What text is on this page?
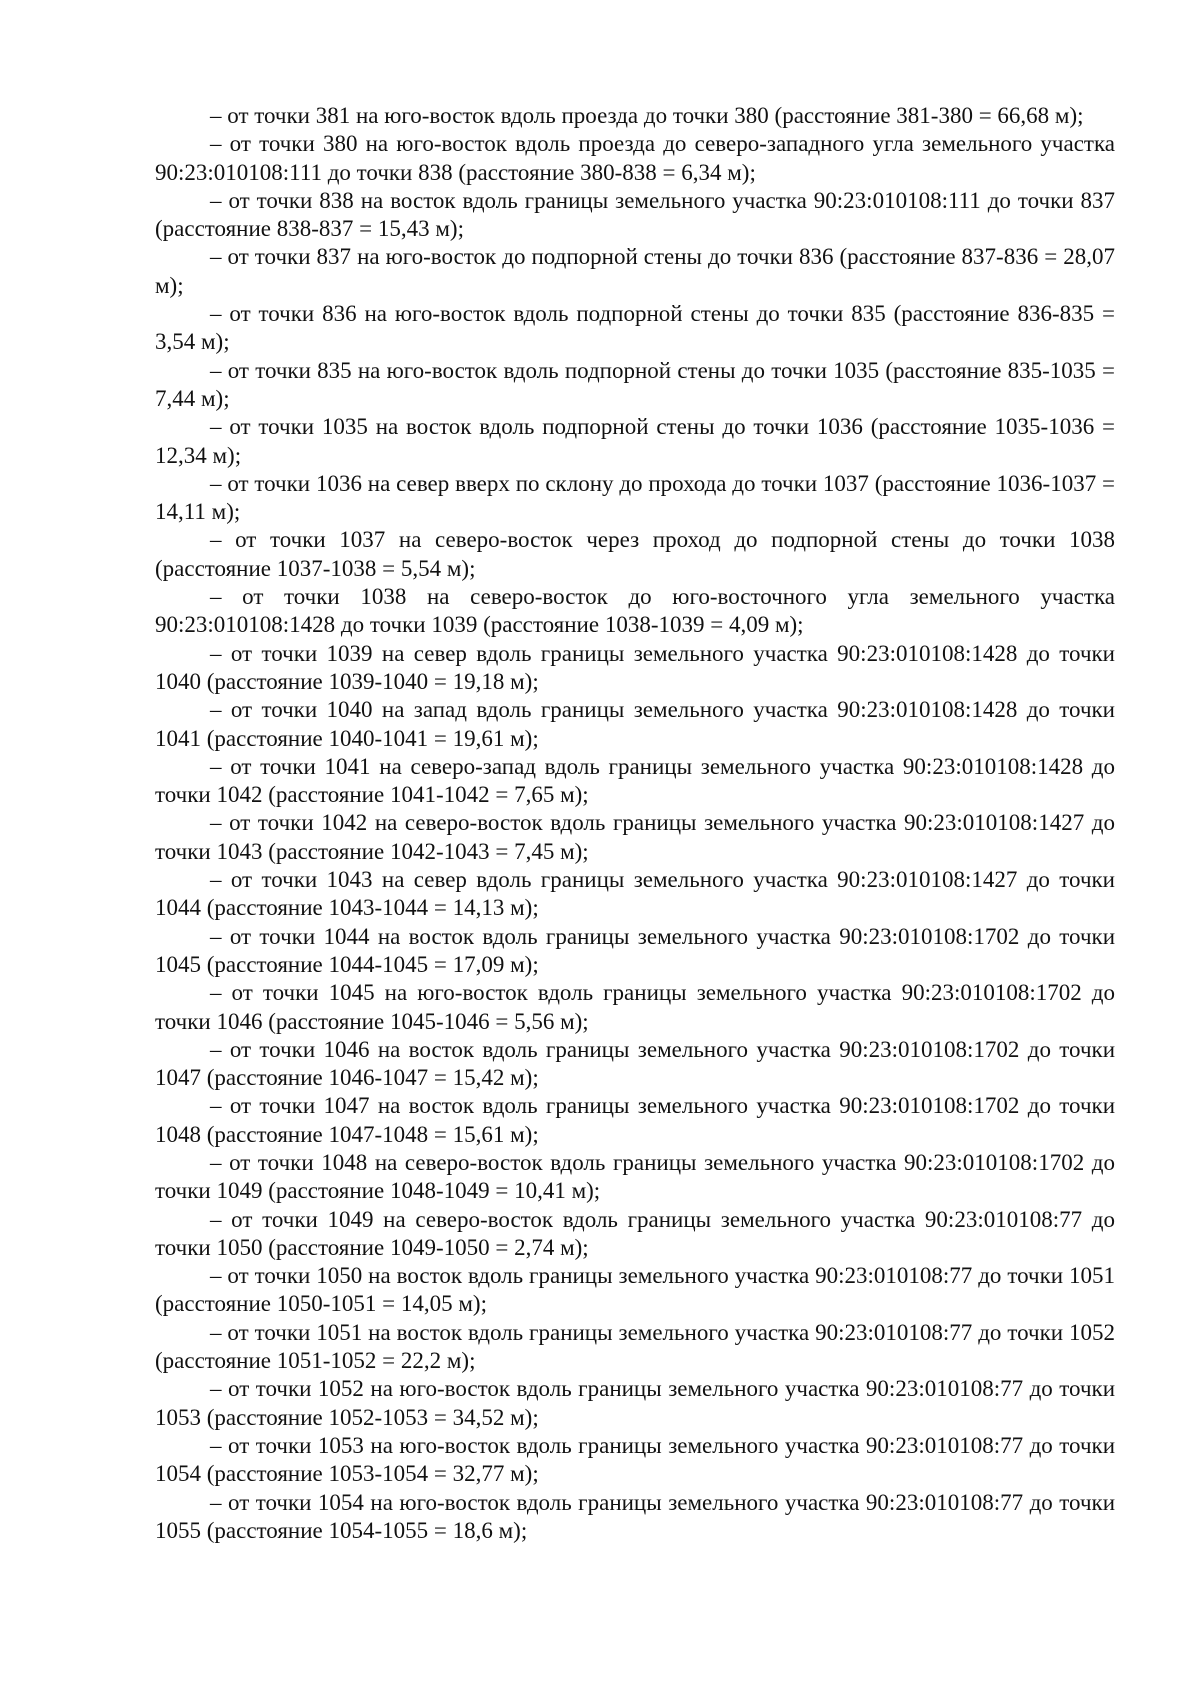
– от точки 381 на юго-восток вдоль проезда до точки 380 (расстояние 381-380 = 66,68 м);

– от точки 380 на юго-восток вдоль проезда до северо-западного угла земельного участка 90:23:010108:111 до точки 838 (расстояние 380-838 = 6,34 м);

– от точки 838 на восток вдоль границы земельного участка 90:23:010108:111 до точки 837 (расстояние 838-837 = 15,43 м);

– от точки 837 на юго-восток до подпорной стены до точки 836 (расстояние 837-836 = 28,07 м);

– от точки 836 на юго-восток вдоль подпорной стены до точки 835 (расстояние 836-835 = 3,54 м);

– от точки 835 на юго-восток вдоль подпорной стены до точки 1035 (расстояние 835-1035 = 7,44 м);

– от точки 1035 на восток вдоль подпорной стены до точки 1036 (расстояние 1035-1036 = 12,34 м);

– от точки 1036 на север вверх по склону до прохода до точки 1037 (расстояние 1036-1037 = 14,11 м);

– от точки 1037 на северо-восток через проход до подпорной стены до точки 1038 (расстояние 1037-1038 = 5,54 м);

– от точки 1038 на северо-восток до юго-восточного угла земельного участка 90:23:010108:1428 до точки 1039 (расстояние 1038-1039 = 4,09 м);

– от точки 1039 на север вдоль границы земельного участка 90:23:010108:1428 до точки 1040 (расстояние 1039-1040 = 19,18 м);

– от точки 1040 на запад вдоль границы земельного участка 90:23:010108:1428 до точки 1041 (расстояние 1040-1041 = 19,61 м);

– от точки 1041 на северо-запад вдоль границы земельного участка 90:23:010108:1428 до точки 1042 (расстояние 1041-1042 = 7,65 м);

– от точки 1042 на северо-восток вдоль границы земельного участка 90:23:010108:1427 до точки 1043 (расстояние 1042-1043 = 7,45 м);

– от точки 1043 на север вдоль границы земельного участка 90:23:010108:1427 до точки 1044 (расстояние 1043-1044 = 14,13 м);

– от точки 1044 на восток вдоль границы земельного участка 90:23:010108:1702 до точки 1045 (расстояние 1044-1045 = 17,09 м);

– от точки 1045 на юго-восток вдоль границы земельного участка 90:23:010108:1702 до точки 1046 (расстояние 1045-1046 = 5,56 м);

– от точки 1046 на восток вдоль границы земельного участка 90:23:010108:1702 до точки 1047 (расстояние 1046-1047 = 15,42 м);

– от точки 1047 на восток вдоль границы земельного участка 90:23:010108:1702 до точки 1048 (расстояние 1047-1048 = 15,61 м);

– от точки 1048 на северо-восток вдоль границы земельного участка 90:23:010108:1702 до точки 1049 (расстояние 1048-1049 = 10,41 м);

– от точки 1049 на северо-восток вдоль границы земельного участка 90:23:010108:77 до точки 1050 (расстояние 1049-1050 = 2,74 м);

– от точки 1050 на восток вдоль границы земельного участка 90:23:010108:77 до точки 1051 (расстояние 1050-1051 = 14,05 м);

– от точки 1051 на восток вдоль границы земельного участка 90:23:010108:77 до точки 1052 (расстояние 1051-1052 = 22,2 м);

– от точки 1052 на юго-восток вдоль границы земельного участка 90:23:010108:77 до точки 1053 (расстояние 1052-1053 = 34,52 м);

– от точки 1053 на юго-восток вдоль границы земельного участка 90:23:010108:77 до точки 1054 (расстояние 1053-1054 = 32,77 м);

– от точки 1054 на юго-восток вдоль границы земельного участка 90:23:010108:77 до точки 1055 (расстояние 1054-1055 = 18,6 м);
